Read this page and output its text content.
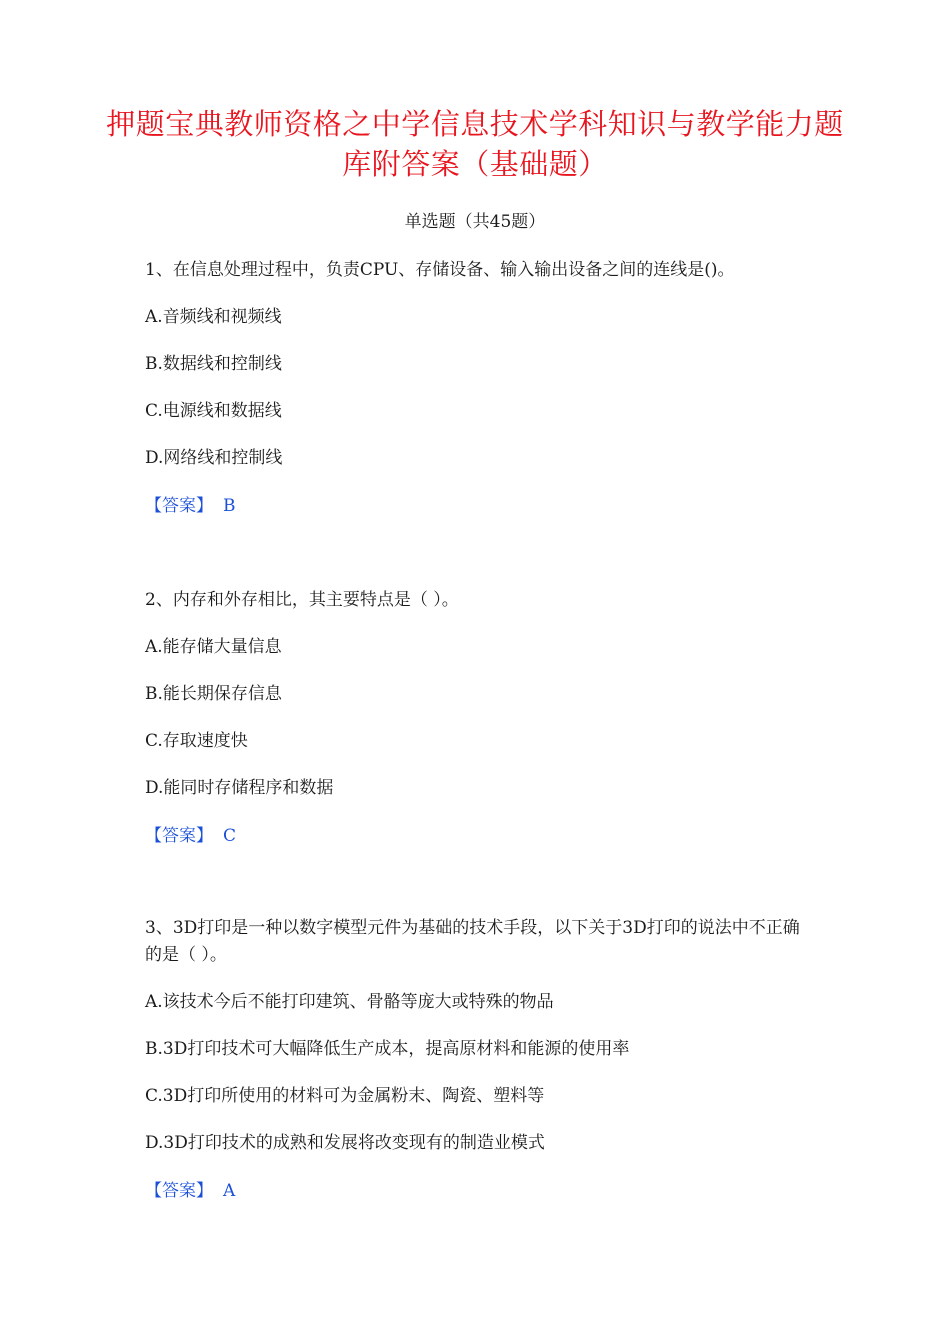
押题宝典教师资格之中学信息技术学科知识与教学能力题库附答案（基础题）
单选题（共45题）
1、在信息处理过程中，负责CPU、存储设备、输入输出设备之间的连线是()。
A.音频线和视频线
B.数据线和控制线
C.电源线和数据线
D.网络线和控制线
【答案】 B
2、内存和外存相比，其主要特点是（ ）。
A.能存储大量信息
B.能长期保存信息
C.存取速度快
D.能同时存储程序和数据
【答案】 C
3、3D打印是一种以数字模型元件为基础的技术手段，以下关于3D打印的说法中不正确的是（ ）。
A.该技术今后不能打印建筑、骨骼等庞大或特殊的物品
B.3D打印技术可大幅降低生产成本，提高原材料和能源的使用率
C.3D打印所使用的材料可为金属粉末、陶瓷、塑料等
D.3D打印技术的成熟和发展将改变现有的制造业模式
【答案】 A
